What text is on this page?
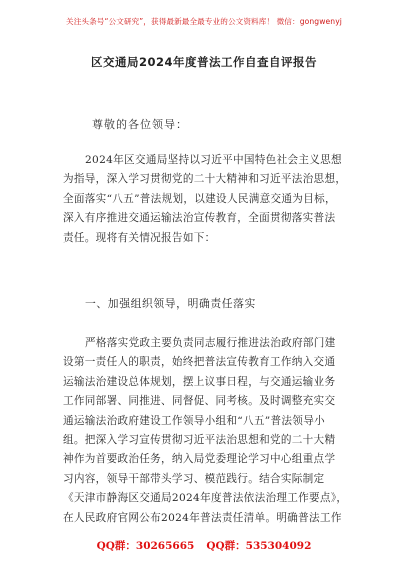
关注头条号“公文研究”，获得最新最全最专业的公文资料库！ 微信：gongwenyj
区交通局2024年度普法工作自查自评报告
尊敬的各位领导：
2024年区交通局坚持以习近平中国特色社会主义思想
为指导，深入学习贯彻党的二十大精神和习近平法治思想，
全面落实“八五”普法规划，以建设人民满意交通为目标，
深入有序推进交通运输法治宣传教育，全面贯彻落实普法
责任。现将有关情况报告如下：
一、加强组织领导，明确责任落实
严格落实党政主要负责同志履行推进法治政府部门建
设第一责任人的职责，始终把普法宣传教育工作纳入交通
运输法治建设总体规划，摆上议事日程，与交通运输业务
工作同部署、同推进、同督促、同考核。及时调整充实交
通运输法治政府建设工作领导小组和“八五”普法领导小
组。把深入学习宣传贯彻习近平法治思想和党的二十大精
神作为首要政治任务，纳入局党委理论学习中心组重点学
习内容，领导干部带头学习、模范践行。结合实际制定
《天津市静海区交通局2024年度普法依法治理工作要点》，
在人民政府官网公布2024年普法责任清单。明确普法工作
QQ群：30265665 QQ群：535304092
